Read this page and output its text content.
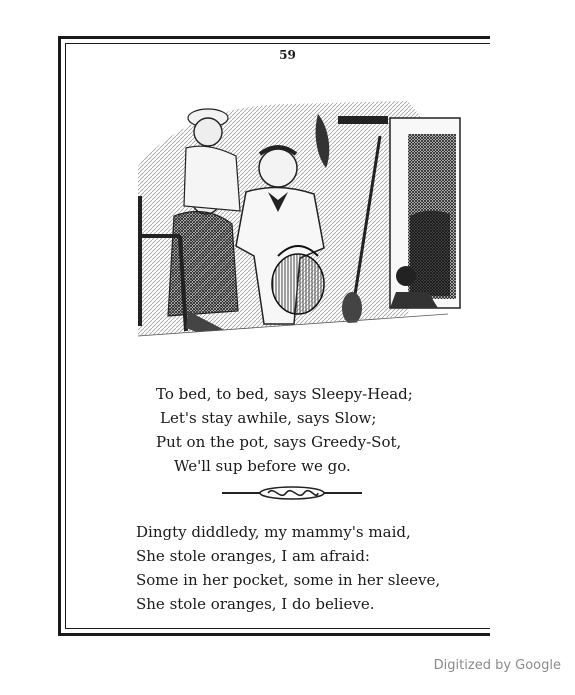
59
To bed, to bed, says Sleepy-Head;
Let's stay awhile, says Slow;
Put on the pot, says Greedy-Sot,
We'll sup before we go.
Dingty diddledy, my mammy's maid,
She stole oranges, I am afraid:
Some in her pocket, some in her sleeve,
She stole oranges, I do believe.
Digitized by Google
